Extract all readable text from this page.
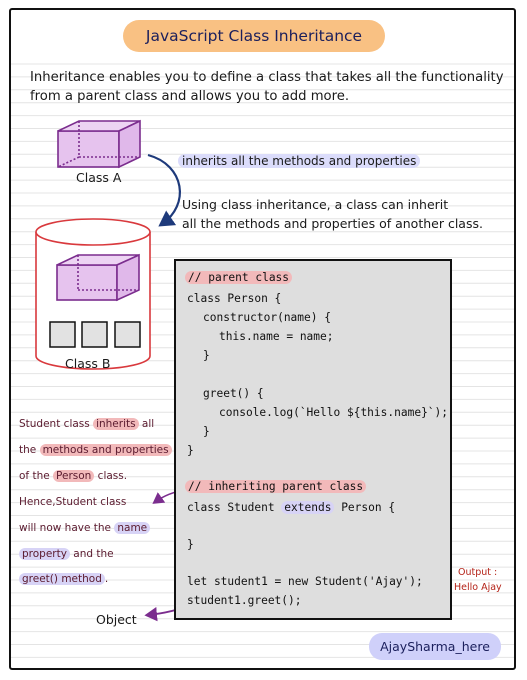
JavaScript Class Inheritance
Inheritance enables you to define a class that takes all the functionality from a parent class and allows you to add more.
Class A
Class B
inherits all the methods and properties
Using class inheritance, a class can inherit
all the methods and properties of another class.
// parent class
class Person {
constructor(name) {
this.name = name;
}
greet() {
console.log(`Hello ${this.name}`);
}
}
// inheriting parent class
class Student extends Person {
}
let student1 = new Student('Ajay');
student1.greet();
Student class inherits all
the methods and properties
of the Person class.
Hence,Student class
will now have the name
property and the
greet() method .
Output :
Hello Ajay
Object
AjaySharma_here
